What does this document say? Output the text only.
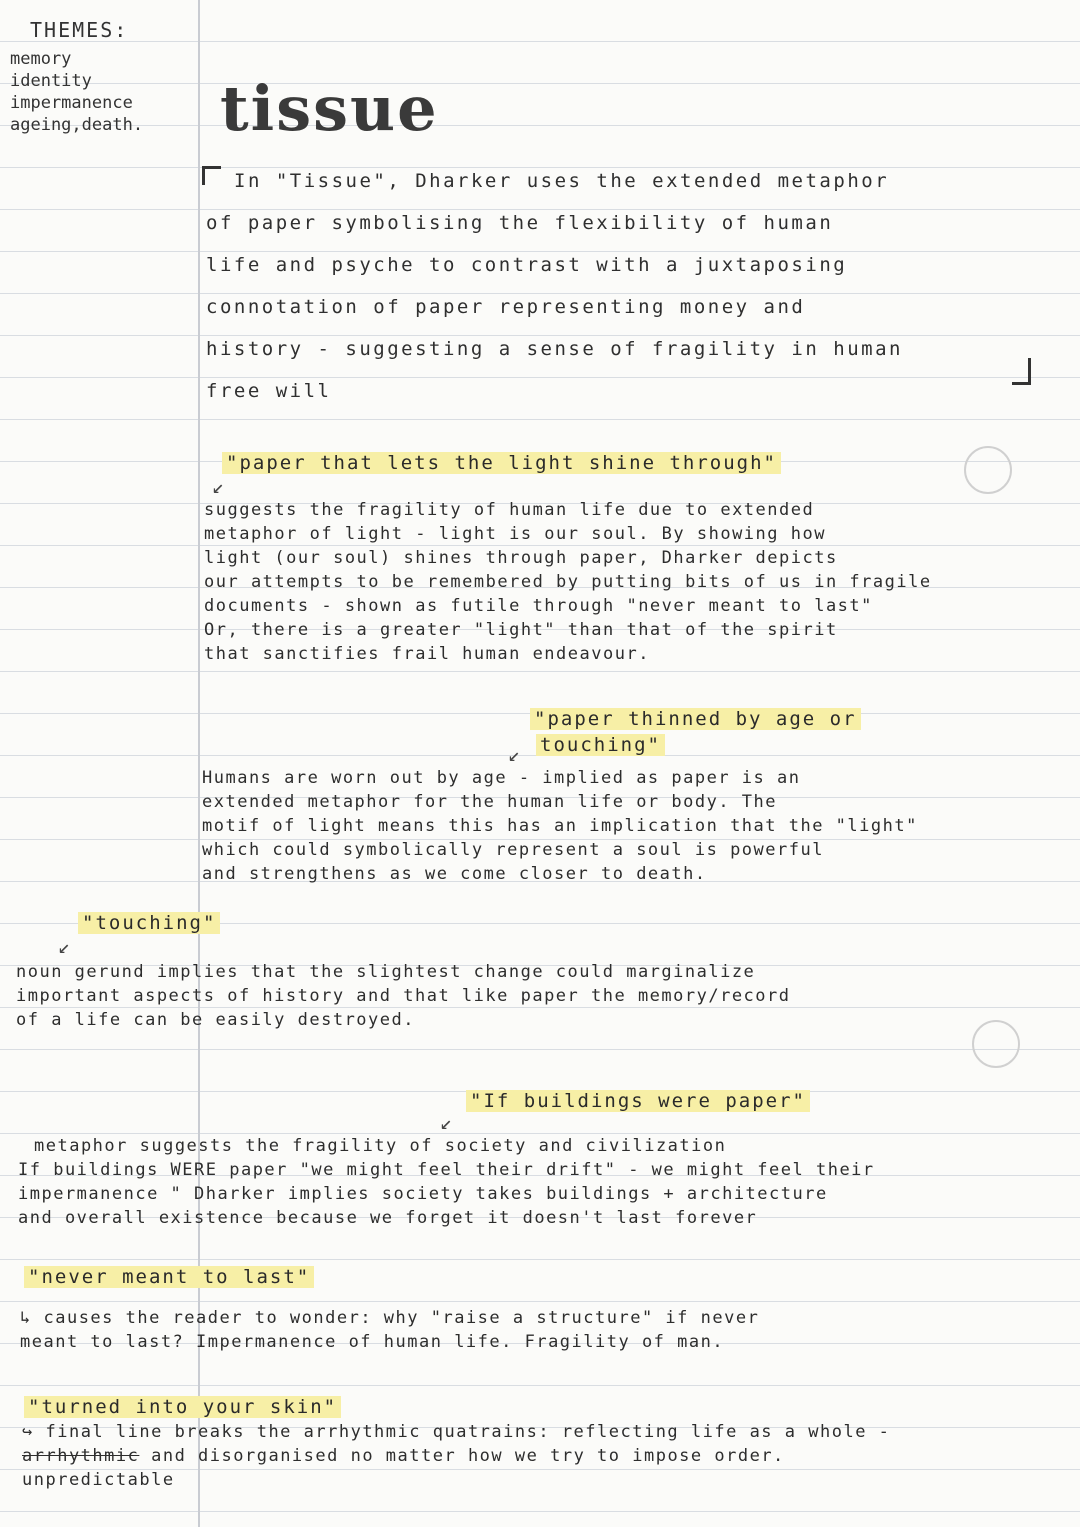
THEMES:
memory
identity
impermanence
ageing,death. tissue
In "Tissue", Dharker uses the extended metaphor
of paper symbolising the flexibility of human
life and psyche to contrast with a juxtaposing
connotation of paper representing money and
history - suggesting a sense of fragility in human
free will
"paper that lets the light shine through"
↙
suggests the fragility of human life due to extended
metaphor of light - light is our soul. By showing how
light (our soul) shines through paper, Dharker depicts
our attempts to be remembered by putting bits of us in fragile
documents - shown as futile through "never meant to last"
Or, there is a greater "light" than that of the spirit
that sanctifies frail human endeavour.
"paper thinned by age or
touching"
↙
Humans are worn out by age - implied as paper is an
extended metaphor for the human life or body. The
motif of light means this has an implication that the "light"
which could symbolically represent a soul is powerful
and strengthens as we come closer to death.
"touching"
↙
noun gerund implies that the slightest change could marginalize
important aspects of history and that like paper the memory/record
of a life can be easily destroyed.
"If buildings were paper"
↙
metaphor suggests the fragility of society and civilization
If buildings WERE paper "we might feel their drift" - we might feel their
impermanence " Dharker implies society takes buildings + architecture
and overall existence because we forget it doesn't last forever
"never meant to last"
↳ causes the reader to wonder: why "raise a structure" if never
meant to last? Impermanence of human life. Fragility of man.
"turned into your skin"
↪ final line breaks the arrhythmic quatrains: reflecting life as a whole -
arrhythmic and disorganised no matter how we try to impose order.
unpredictable
